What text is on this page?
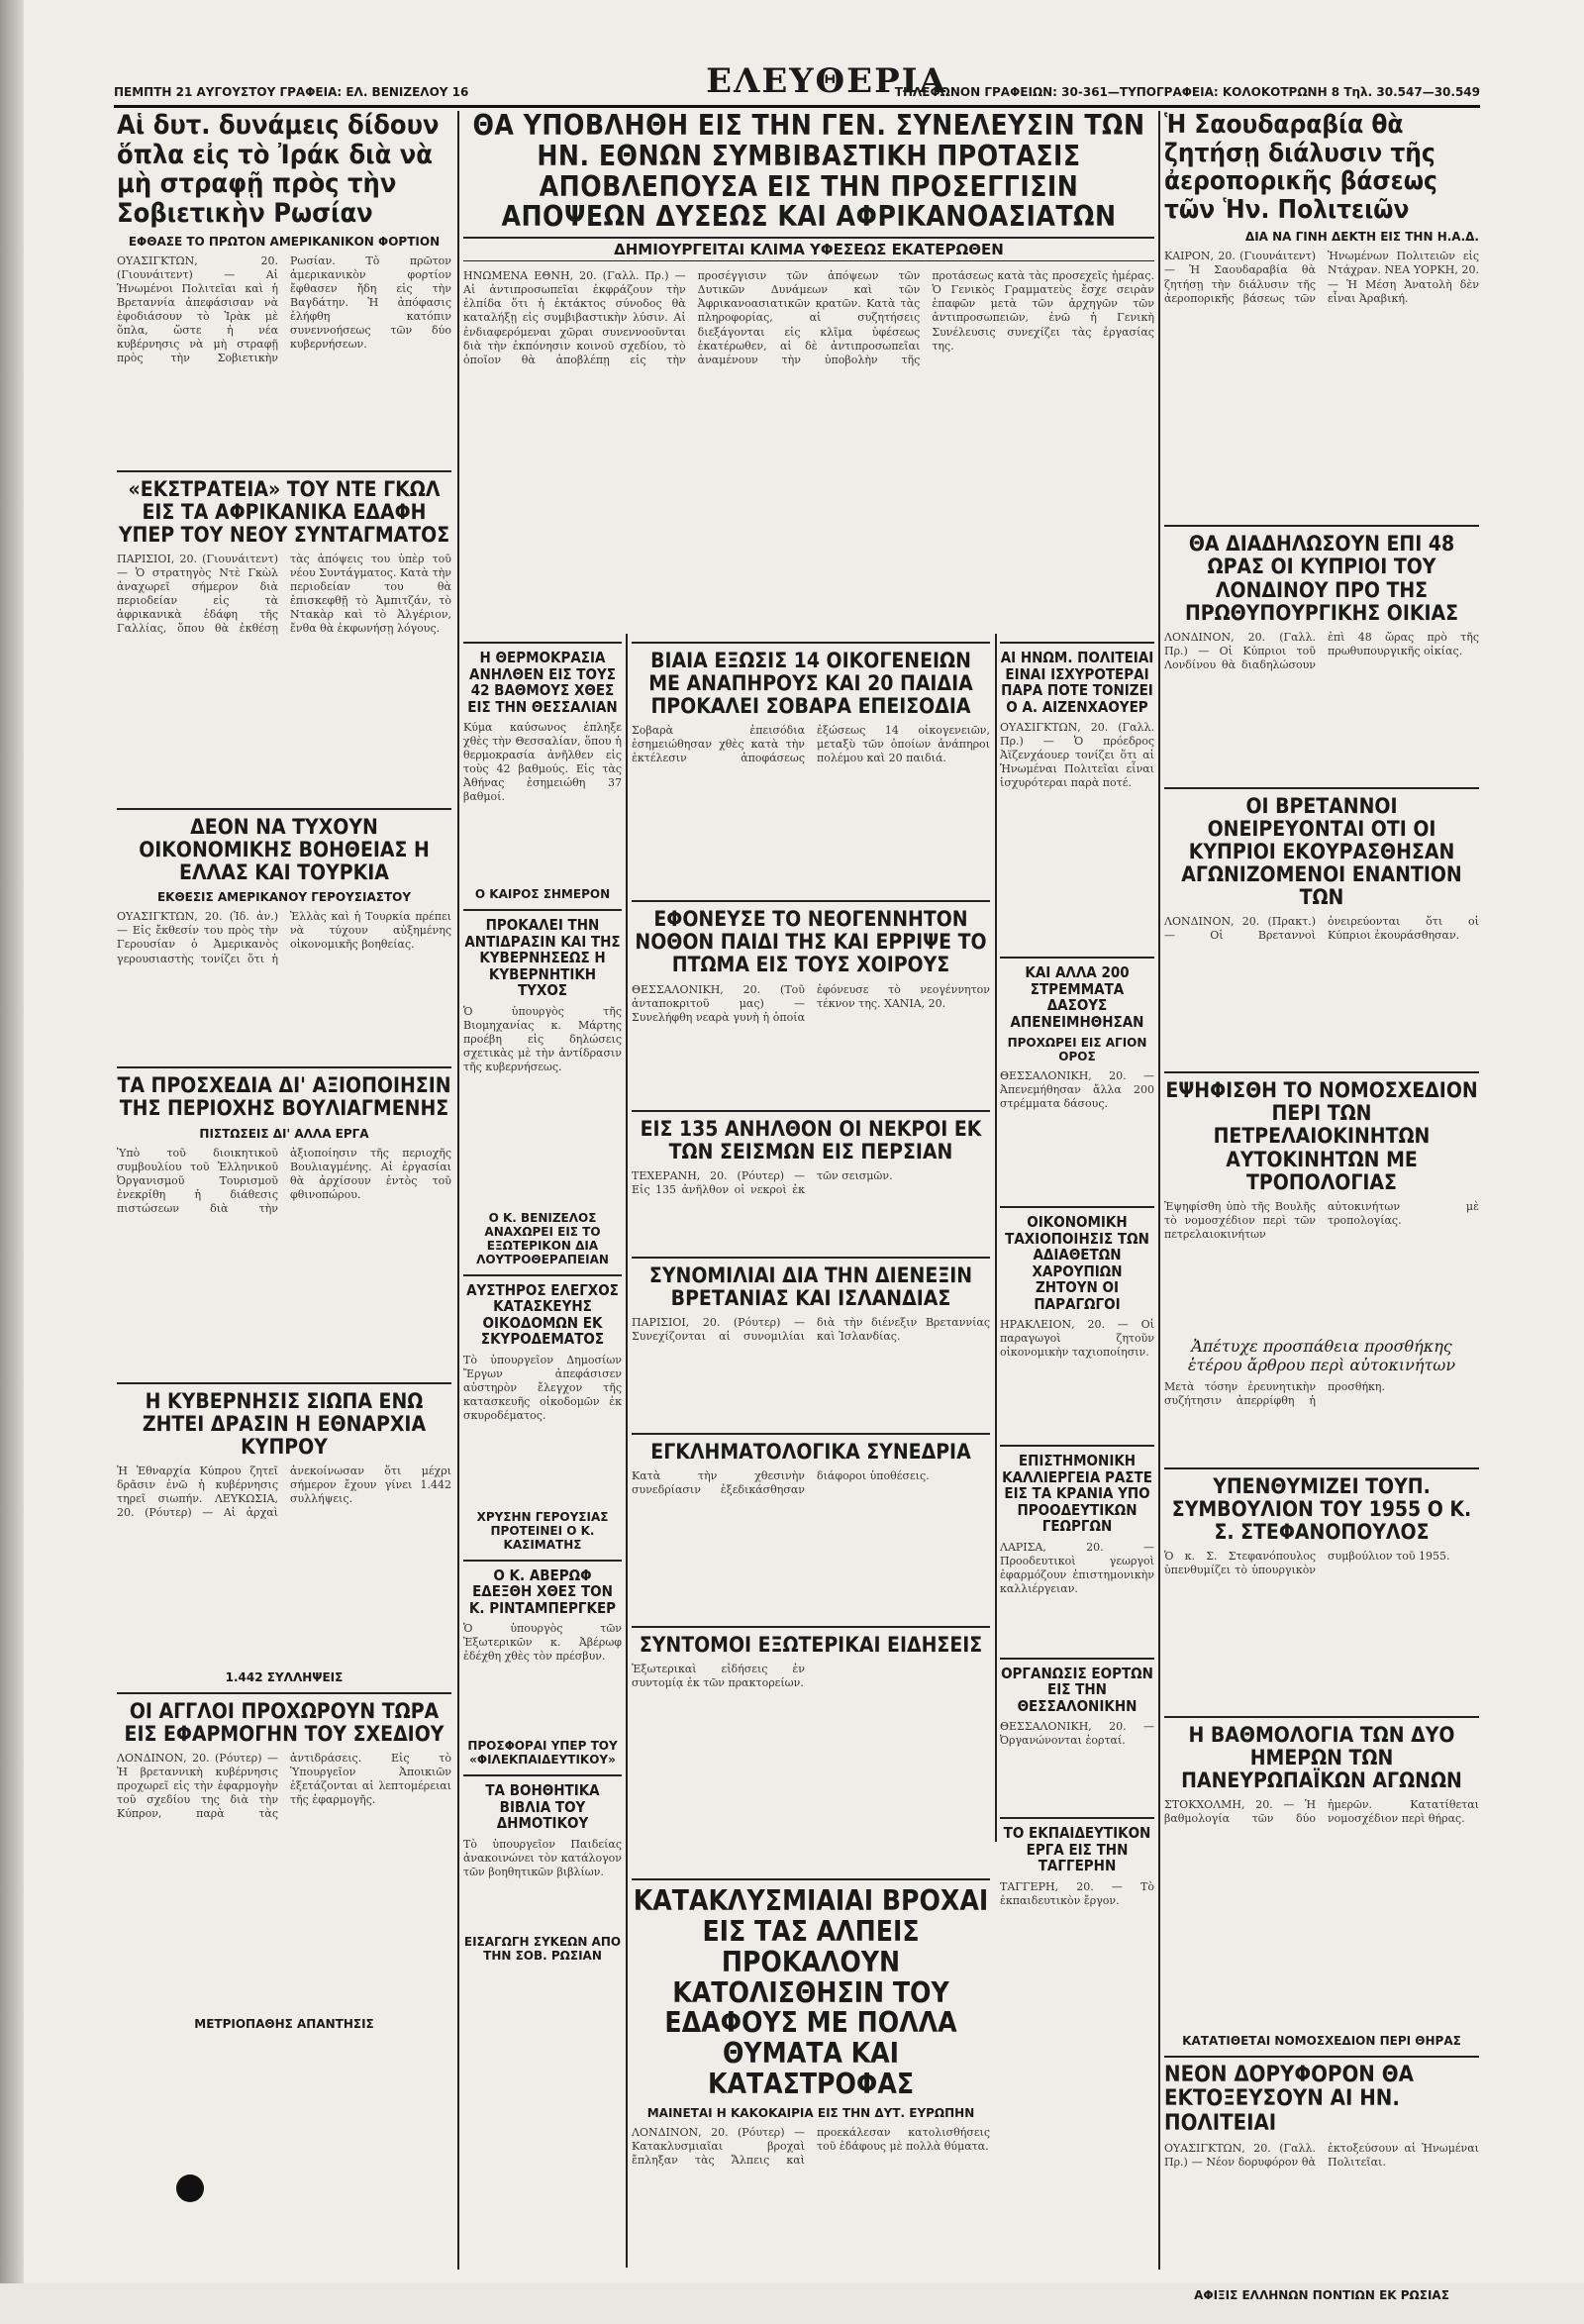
ΠΕΜΠΤΗ 21 ΑΥΓΟΥΣΤΟΥ ΓΡΑΦΕΙΑ: ΕΛ. ΒΕΝΙΖΕΛΟΥ 16	ΕΛΕΥΘΕΡΙΑ
ΤΗΛΕΦΩΝΟΝ ΓΡΑΦΕΙΩΝ: 30-361—ΤΥΠΟΓΡΑΦΕΙΑ: ΚΟΛΟΚΟΤΡΩΝΗ 8 Τηλ. 30.547—30.549
ΘΑ ΥΠΟΒΛΗΘΗ ΕΙΣ ΤΗΝ ΓΕΝ. ΣΥΝΕΛΕΥΣΙΝ ΤΩΝ ΗΝ. ΕΘΝΩΝ ΣΥΜΒΙΒΑΣΤΙΚΗ ΠΡΟΤΑΣΙΣ ΑΠΟΒΛΕΠΟΥΣΑ ΕΙΣ ΤΗΝ ΠΡΟΣΕΓΓΙΣΙΝ ΑΠΟΨΕΩΝ ΔΥΣΕΩΣ ΚΑΙ ΑΦΡΙΚΑΝΟΑΣΙΑΤΩΝ
ΔΗΜΙΟΥΡΓΕΙΤΑΙ ΚΛΙΜΑ ΥΦΕΣΕΩΣ ΕΚΑΤΕΡΩΘΕΝ
ΗΝΩΜΕΝΑ ΕΘΝΗ, 20. (Γαλλ. Πρ.) — Αἱ ἀντιπροσωπεῖαι ἐκφράζουν τὴν ἐλπίδα ὅτι ἡ ἐκτάκτος σύνοδος θὰ καταλήξῃ εἰς συμβιβαστικὴν λύσιν. Αἱ ἐνδιαφερόμεναι χῶραι συνεννοοῦνται διὰ τὴν ἐκπόνησιν κοινοῦ σχεδίου, τὸ ὁποῖον θὰ ἀποβλέπῃ εἰς τὴν προσέγγισιν τῶν ἀπόψεων τῶν Δυτικῶν Δυνάμεων καὶ τῶν Ἀφρικανοασιατικῶν κρατῶν. Κατὰ τὰς πληροφορίας, αἱ συζητήσεις διεξάγονται εἰς κλῖμα ὑφέσεως ἑκατέρωθεν, αἱ δὲ ἀντιπροσωπεῖαι ἀναμένουν τὴν ὑποβολὴν τῆς προτάσεως κατὰ τὰς προσεχεῖς ἡμέρας. Ὁ Γενικὸς Γραμματεὺς ἔσχε σειρὰν ἐπαφῶν μετὰ τῶν ἀρχηγῶν τῶν ἀντιπροσωπειῶν, ἐνῶ ἡ Γενικὴ Συνέλευσις συνεχίζει τὰς ἐργασίας της.
Αἱ δυτ. δυνάμεις δίδουν ὅπλα εἰς τὸ Ἰράκ διὰ νὰ μὴ στραφῇ πρὸς τὴν Σοβιετικὴν Ρωσίαν
ΕΦΘΑΣΕ ΤΟ ΠΡΩΤΟΝ ΑΜΕΡΙΚΑΝΙΚΟΝ ΦΟΡΤΙΟΝ
ΟΥΑΣΙΓΚΤΩΝ, 20. (Γιουνάιτεντ) — Αἱ Ἡνωμένοι Πολιτεῖαι καὶ ἡ Βρεταννία ἀπεφάσισαν νὰ ἐφοδιάσουν τὸ Ἰρὰκ μὲ ὅπλα, ὥστε ἡ νέα κυβέρνησις νὰ μὴ στραφῇ πρὸς τὴν Σοβιετικὴν Ρωσίαν. Τὸ πρῶτον ἀμερικανικὸν φορτίον ἔφθασεν ἤδη εἰς τὴν Βαγδάτην. Ἡ ἀπόφασις ἐλήφθη κατόπιν συνεννοήσεως τῶν δύο κυβερνήσεων.
«ΕΚΣΤΡΑΤΕΙΑ» ΤΟΥ ΝΤΕ ΓΚΩΛ ΕΙΣ ΤΑ ΑΦΡΙΚΑΝΙΚΑ ΕΔΑΦΗ ΥΠΕΡ ΤΟΥ ΝΕΟΥ ΣΥΝΤΑΓΜΑΤΟΣ
ΠΑΡΙΣΙΟΙ, 20. (Γιουνάιτεντ) — Ὁ στρατηγὸς Ντὲ Γκὼλ ἀναχωρεῖ σήμερον διὰ περιοδείαν εἰς τὰ ἀφρικανικὰ ἐδάφη τῆς Γαλλίας, ὅπου θὰ ἐκθέσῃ τὰς ἀπόψεις του ὑπὲρ τοῦ νέου Συντάγματος. Κατὰ τὴν περιοδείαν του θὰ ἐπισκεφθῇ τὸ Ἀμπιτζάν, τὸ Ντακὰρ καὶ τὸ Ἀλγέριον, ἔνθα θὰ ἐκφωνήσῃ λόγους.
ΔΕΟΝ ΝΑ ΤΥΧΟΥΝ ΟΙΚΟΝΟΜΙΚΗΣ ΒΟΗΘΕΙΑΣ Η ΕΛΛΑΣ ΚΑΙ ΤΟΥΡΚΙΑ
ΕΚΘΕΣΙΣ ΑΜΕΡΙΚΑΝΟΥ ΓΕΡΟΥΣΙΑΣΤΟΥ
ΟΥΑΣΙΓΚΤΩΝ, 20. (Ἰδ. ἀν.) — Εἰς ἔκθεσίν του πρὸς τὴν Γερουσίαν ὁ Ἀμερικανὸς γερουσιαστὴς τονίζει ὅτι ἡ Ἑλλὰς καὶ ἡ Τουρκία πρέπει νὰ τύχουν αὐξημένης οἰκονομικῆς βοηθείας.
ΤΑ ΠΡΟΣΧΕΔΙΑ ΔΙ' ΑΞΙΟΠΟΙΗΣΙΝ ΤΗΣ ΠΕΡΙΟΧΗΣ ΒΟΥΛΙΑΓΜΕΝΗΣ
ΠΙΣΤΩΣΕΙΣ ΔΙ' ΑΛΛΑ ΕΡΓΑ
Ὑπὸ τοῦ διοικητικοῦ συμβουλίου τοῦ Ἑλληνικοῦ Ὀργανισμοῦ Τουρισμοῦ ἐνεκρίθη ἡ διάθεσις πιστώσεων διὰ τὴν ἀξιοποίησιν τῆς περιοχῆς Βουλιαγμένης. Αἱ ἐργασίαι θὰ ἀρχίσουν ἐντὸς τοῦ φθινοπώρου.
Η ΚΥΒΕΡΝΗΣΙΣ ΣΙΩΠΑ ΕΝΩ ΖΗΤΕΙ ΔΡΑΣΙΝ Η ΕΘΝΑΡΧΙΑ ΚΥΠΡΟΥ
Ἡ Ἐθναρχία Κύπρου ζητεῖ δρᾶσιν ἐνῶ ἡ κυβέρνησις τηρεῖ σιωπήν. ΛΕΥΚΩΣΙΑ, 20. (Ρόυτερ) — Αἱ ἀρχαὶ ἀνεκοίνωσαν ὅτι μέχρι σήμερον ἔχουν γίνει 1.442 συλλήψεις.
1.442 ΣΥΛΛΗΨΕΙΣ
ΟΙ ΑΓΓΛΟΙ ΠΡΟΧΩΡΟΥΝ ΤΩΡΑ ΕΙΣ ΕΦΑΡΜΟΓΗΝ ΤΟΥ ΣΧΕΔΙΟΥ
ΛΟΝΔΙΝΟΝ, 20. (Ρόυτερ) — Ἡ βρεταννικὴ κυβέρνησις προχωρεῖ εἰς τὴν ἐφαρμογὴν τοῦ σχεδίου της διὰ τὴν Κύπρον, παρὰ τὰς ἀντιδράσεις. Εἰς τὸ Ὑπουργεῖον Ἀποικιῶν ἐξετάζονται αἱ λεπτομέρειαι τῆς ἐφαρμογῆς.
ΜΕΤΡΙΟΠΑΘΗΣ ΑΠΑΝΤΗΣΙΣ
Η ΘΕΡΜΟΚΡΑΣΙΑ ΑΝΗΛΘΕΝ ΕΙΣ ΤΟΥΣ 42 ΒΑΘΜΟΥΣ ΧΘΕΣ ΕΙΣ ΤΗΝ ΘΕΣΣΑΛΙΑΝ
Κύμα καύσωνος ἐπληξε χθὲς τὴν Θεσσαλίαν, ὅπου ἡ θερμοκρασία ἀνῆλθεν εἰς τοὺς 42 βαθμούς. Εἰς τὰς Ἀθήνας ἐσημειώθη 37 βαθμοί.
Ο ΚΑΙΡΟΣ ΣΗΜΕΡΟΝ
ΠΡΟΚΑΛΕΙ ΤΗΝ ΑΝΤΙΔΡΑΣΙΝ ΚΑΙ ΤΗΣ ΚΥΒΕΡΝΗΣΕΩΣ Η ΚΥΒΕΡΝΗΤΙΚΗ ΤΥΧΟΣ
Ὁ ὑπουργὸς τῆς Βιομηχανίας κ. Μάρτης προέβη εἰς δηλώσεις σχετικὰς μὲ τὴν ἀντίδρασιν τῆς κυβερνήσεως.
Ο Κ. ΒΕΝΙΖΕΛΟΣ ΑΝΑΧΩΡΕΙ ΕΙΣ ΤΟ ΕΞΩΤΕΡΙΚΟΝ ΔΙΑ ΛΟΥΤΡΟΘΕΡΑΠΕΙΑΝ
ΑΥΣΤΗΡΟΣ ΕΛΕΓΧΟΣ ΚΑΤΑΣΚΕΥΗΣ ΟΙΚΟΔΟΜΩΝ ΕΚ ΣΚΥΡΟΔΕΜΑΤΟΣ
Τὸ ὑπουργεῖον Δημοσίων Ἔργων ἀπεφάσισεν αὐστηρὸν ἔλεγχον τῆς κατασκευῆς οἰκοδομῶν ἐκ σκυροδέματος.
ΧΡΥΣΗΝ ΓΕΡΟΥΣΙΑΣ ΠΡΟΤΕΙΝΕΙ Ο Κ. ΚΑΣΙΜΑΤΗΣ
Ο Κ. ΑΒΕΡΩΦ ΕΔΕΞΘΗ ΧΘΕΣ ΤΟΝ Κ. ΡΙΝΤΑΜΠΕΡΓΚΕΡ
Ὁ ὑπουργὸς τῶν Ἐξωτερικῶν κ. Ἀβέρωφ ἐδέχθη χθὲς τὸν πρέσβυν.
ΠΡΟΣΦΟΡΑΙ ΥΠΕΡ ΤΟΥ «ΦΙΛΕΚΠΑΙΔΕΥΤΙΚΟΥ»
ΤΑ ΒΟΗΘΗΤΙΚΑ ΒΙΒΛΙΑ ΤΟΥ ΔΗΜΟΤΙΚΟΥ
Τὸ ὑπουργεῖον Παιδείας ἀνακοινώνει τὸν κατάλογον τῶν βοηθητικῶν βιβλίων.
ΕΙΣΑΓΩΓΗ ΣΥΚΕΩΝ ΑΠΟ ΤΗΝ ΣΟΒ. ΡΩΣΙΑΝ
ΒΙΑΙΑ ΕΞΩΣΙΣ 14 ΟΙΚΟΓΕΝΕΙΩΝ ΜΕ ΑΝΑΠΗΡΟΥΣ ΚΑΙ 20 ΠΑΙΔΙΑ ΠΡΟΚΑΛΕΙ ΣΟΒΑΡΑ ΕΠΕΙΣΟΔΙΑ
Σοβαρὰ ἐπεισόδια ἐσημειώθησαν χθὲς κατὰ τὴν ἐκτέλεσιν ἀποφάσεως ἐξώσεως 14 οἰκογενειῶν, μεταξὺ τῶν ὁποίων ἀνάπηροι πολέμου καὶ 20 παιδιά.
ΕΦΟΝΕΥΣΕ ΤΟ ΝΕΟΓΕΝΝΗΤΟΝ ΝΟΘΟΝ ΠΑΙΔΙ ΤΗΣ ΚΑΙ ΕΡΡΙΨΕ ΤΟ ΠΤΩΜΑ ΕΙΣ ΤΟΥΣ ΧΟΙΡΟΥΣ
ΘΕΣΣΑΛΟΝΙΚΗ, 20. (Τοῦ ἀνταποκριτοῦ μας) — Συνελήφθη νεαρὰ γυνὴ ἡ ὁποία ἐφόνευσε τὸ νεογέννητον τέκνον της. ΧΑΝΙΑ, 20.
ΕΙΣ 135 ΑΝΗΛΘΟΝ ΟΙ ΝΕΚΡΟΙ ΕΚ ΤΩΝ ΣΕΙΣΜΩΝ ΕΙΣ ΠΕΡΣΙΑΝ
ΤΕΧΕΡΑΝΗ, 20. (Ρόυτερ) — Εἰς 135 ἀνῆλθον οἱ νεκροὶ ἐκ τῶν σεισμῶν.
ΣΥΝΟΜΙΛΙΑΙ ΔΙΑ ΤΗΝ ΔΙΕΝΕΞΙΝ ΒΡΕΤΑΝΙΑΣ ΚΑΙ ΙΣΛΑΝΔΙΑΣ
ΠΑΡΙΣΙΟΙ, 20. (Ρόυτερ) — Συνεχίζονται αἱ συνομιλίαι διὰ τὴν διένεξιν Βρεταννίας καὶ Ἰσλανδίας.
ΕΓΚΛΗΜΑΤΟΛΟΓΙΚΑ ΣΥΝΕΔΡΙΑ
Κατὰ τὴν χθεσινὴν συνεδρίασιν ἐξεδικάσθησαν διάφοροι ὑποθέσεις.
ΣΥΝΤΟΜΟΙ ΕΞΩΤΕΡΙΚΑΙ ΕΙΔΗΣΕΙΣ
Ἐξωτερικαὶ εἰδήσεις ἐν συντομίᾳ ἐκ τῶν πρακτορείων.
ΚΑΤΑΚΛΥΣΜΙΑΙΑΙ ΒΡΟΧΑΙ ΕΙΣ ΤΑΣ ΑΛΠΕΙΣ ΠΡΟΚΑΛΟΥΝ ΚΑΤΟΛΙΣΘΗΣΙΝ ΤΟΥ ΕΔΑΦΟΥΣ ΜΕ ΠΟΛΛΑ ΘΥΜΑΤΑ ΚΑΙ ΚΑΤΑΣΤΡΟΦΑΣ
ΜΑΙΝΕΤΑΙ Η ΚΑΚΟΚΑΙΡΙΑ ΕΙΣ ΤΗΝ ΔΥΤ. ΕΥΡΩΠΗΝ
ΛΟΝΔΙΝΟΝ, 20. (Ρόυτερ) — Κατακλυσμιαῖαι βροχαὶ ἔπληξαν τὰς Ἄλπεις καὶ προεκάλεσαν κατολισθήσεις τοῦ ἐδάφους μὲ πολλὰ θύματα.
ΑΙ ΗΝΩΜ. ΠΟΛΙΤΕΙΑΙ ΕΙΝΑΙ ΙΣΧΥΡΟΤΕΡΑΙ ΠΑΡΑ ΠΟΤΕ ΤΟΝΙΖΕΙ Ο Α. ΑΙΖΕΝΧΑΟΥΕΡ
ΟΥΑΣΙΓΚΤΩΝ, 20. (Γαλλ. Πρ.) — Ὁ πρόεδρος Ἀϊζενχάουερ τονίζει ὅτι αἱ Ἡνωμέναι Πολιτεῖαι εἶναι ἰσχυρότεραι παρὰ ποτέ.
ΚΑΙ ΑΛΛΑ 200 ΣΤΡΕΜΜΑΤΑ ΔΑΣΟΥΣ ΑΠΕΝΕΙΜΗΘΗΣΑΝ
ΠΡΟΧΩΡΕΙ ΕΙΣ ΑΓΙΟΝ ΟΡΟΣ
ΘΕΣΣΑΛΟΝΙΚΗ, 20. — Ἀπενεμήθησαν ἄλλα 200 στρέμματα δάσους.
ΟΙΚΟΝΟΜΙΚΗ ΤΑΧΙΟΠΟΙΗΣΙΣ ΤΩΝ ΑΔΙΑΘΕΤΩΝ ΧΑΡΟΥΠΙΩΝ ΖΗΤΟΥΝ ΟΙ ΠΑΡΑΓΩΓΟΙ
ΗΡΑΚΛΕΙΟΝ, 20. — Οἱ παραγωγοὶ ζητοῦν οἰκονομικὴν ταχιοποίησιν.
ΕΠΙΣΤΗΜΟΝΙΚΗ ΚΑΛΛΙΕΡΓΕΙΑ ΡΑΣΤΕ ΕΙΣ ΤΑ ΚΡΑΝΙΑ ΥΠΟ ΠΡΟΟΔΕΥΤΙΚΩΝ ΓΕΩΡΓΩΝ
ΛΑΡΙΣΑ, 20. — Προοδευτικοὶ γεωργοὶ ἐφαρμόζουν ἐπιστημονικὴν καλλιέργειαν.
ΟΡΓΑΝΩΣΙΣ ΕΟΡΤΩΝ ΕΙΣ ΤΗΝ ΘΕΣΣΑΛΟΝΙΚΗΝ
ΘΕΣΣΑΛΟΝΙΚΗ, 20. — Ὀργανώνονται ἑορταί.
ΤΟ ΕΚΠΑΙΔΕΥΤΙΚΟΝ ΕΡΓΑ ΕΙΣ ΤΗΝ ΤΑΓΓΕΡΗΝ
ΤΑΓΓΕΡΗ, 20. — Τὸ ἐκπαιδευτικὸν ἔργον.
Ἡ Σαουδαραβία θὰ ζητήσῃ διάλυσιν τῆς ἀεροπορικῆς βάσεως τῶν Ἡν. Πολιτειῶν
ΔΙΑ ΝΑ ΓΙΝΗ ΔΕΚΤΗ ΕΙΣ ΤΗΝ Η.Α.Δ.
ΚΑΙΡΟΝ, 20. (Γιουνάιτεντ) — Ἡ Σαουδαραβία θὰ ζητήσῃ τὴν διάλυσιν τῆς ἀεροπορικῆς βάσεως τῶν Ἡνωμένων Πολιτειῶν εἰς Ντάχραν. ΝΕΑ ΥΟΡΚΗ, 20. — Ἡ Μέση Ἀνατολὴ δὲν εἶναι Ἀραβική.
ΘΑ ΔΙΑΔΗΛΩΣΟΥΝ ΕΠΙ 48 ΩΡΑΣ ΟΙ ΚΥΠΡΙΟΙ ΤΟΥ ΛΟΝΔΙΝΟΥ ΠΡΟ ΤΗΣ ΠΡΩΘΥΠΟΥΡΓΙΚΗΣ ΟΙΚΙΑΣ
ΛΟΝΔΙΝΟΝ, 20. (Γαλλ. Πρ.) — Οἱ Κύπριοι τοῦ Λονδίνου θὰ διαδηλώσουν ἐπὶ 48 ὥρας πρὸ τῆς πρωθυπουργικῆς οἰκίας.
ΟΙ ΒΡΕΤΑΝΝΟΙ ΟΝΕΙΡΕΥΟΝΤΑΙ ΟΤΙ ΟΙ ΚΥΠΡΙΟΙ ΕΚΟΥΡΑΣΘΗΣΑΝ ΑΓΩΝΙΖΟΜΕΝΟΙ ΕΝΑΝΤΙΟΝ ΤΩΝ
ΛΟΝΔΙΝΟΝ, 20. (Πρακτ.) — Οἱ Βρεταννοὶ ὀνειρεύονται ὅτι οἱ Κύπριοι ἐκουράσθησαν.
ΕΨΗΦΙΣΘΗ ΤΟ ΝΟΜΟΣΧΕΔΙΟΝ ΠΕΡΙ ΤΩΝ ΠΕΤΡΕΛΑΙΟΚΙΝΗΤΩΝ ΑΥΤΟΚΙΝΗΤΩΝ ΜΕ ΤΡΟΠΟΛΟΓΙΑΣ
Ἐψηφίσθη ὑπὸ τῆς Βουλῆς τὸ νομοσχέδιον περὶ τῶν πετρελαιοκινήτων αὐτοκινήτων μὲ τροπολογίας.
Ἀπέτυχε προσπάθεια προσθήκης ἑτέρου ἄρθρου περὶ αὐτοκινήτων
Μετὰ τόσην ἐρευνητικὴν συζήτησιν ἀπερρίφθη ἡ προσθήκη.
ΥΠΕΝΘΥΜΙΖΕΙ ΤΟΥΠ. ΣΥΜΒΟΥΛΙΟΝ ΤΟΥ 1955 Ο Κ. Σ. ΣΤΕΦΑΝΟΠΟΥΛΟΣ
Ὁ κ. Σ. Στεφανόπουλος ὑπενθυμίζει τὸ ὑπουργικὸν συμβούλιον τοῦ 1955.
Η ΒΑΘΜΟΛΟΓΙΑ ΤΩΝ ΔΥΟ ΗΜΕΡΩΝ ΤΩΝ ΠΑΝΕΥΡΩΠΑΪΚΩΝ ΑΓΩΝΩΝ
ΣΤΟΚΧΟΛΜΗ, 20. — Ἡ βαθμολογία τῶν δύο ἡμερῶν. Κατατίθεται νομοσχέδιον περὶ θήρας.
ΚΑΤΑΤΙΘΕΤΑΙ ΝΟΜΟΣΧΕΔΙΟΝ ΠΕΡΙ ΘΗΡΑΣ
ΝΕΟΝ ΔΟΡΥΦΟΡΟΝ ΘΑ ΕΚΤΟΞΕΥΣΟΥΝ ΑΙ ΗΝ. ΠΟΛΙΤΕΙΑΙ
ΟΥΑΣΙΓΚΤΩΝ, 20. (Γαλλ. Πρ.) — Νέον δορυφόρον θὰ ἐκτοξεύσουν αἱ Ἡνωμέναι Πολιτεῖαι.
ΑΦΙΞΙΣ ΕΛΛΗΝΩΝ ΠΟΝΤΙΩΝ ΕΚ ΡΩΣΙΑΣ
